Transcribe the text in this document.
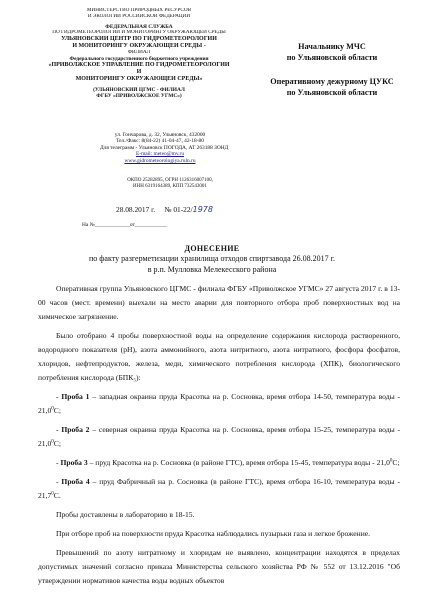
МИНИСТЕРСТВО ПРИРОДНЫХ РЕСУРСОВ
И ЭКОЛОГИИ РОССИЙСКОЙ ФЕДЕРАЦИИ
ФЕДЕРАЛЬНАЯ СЛУЖБА
ПО ГИДРОМЕТЕОРОЛОГИИ И МОНИТОРИНГУ ОКРУЖАЮЩЕЙ СРЕДЫ
УЛЬЯНОВСКИЙ ЦЕНТР ПО ГИДРОМЕТЕОРОЛОГИИ
И МОНИТОРИНГУ ОКРУЖАЮЩЕЙ СРЕДЫ -
ФИЛИАЛ
Федерального государственного бюджетного учреждения
«ПРИВОЛЖСКОЕ УПРАВЛЕНИЕ ПО ГИДРОМЕТЕОРОЛОГИИ
И
МОНИТОРИНГУ ОКРУЖАЮЩЕЙ СРЕДЫ»
(УЛЬЯНОВСКИЙ ЦГМС - ФИЛИАЛ
ФГБУ «ПРИВОЛЖСКОЕ УГМС»)
ул. Гончарова, д. 32, Ульяновск, 432000
Тел./Факс: 8(84-22) 41-04-47, 42-18-80
Для телеграмм - Ульяновск ПОГОДА, АТ 263188 ЗОНД
E-mail: meteo@mv.ru
www.gidrometeorologiya.ruln.ru
ОКПО 25282895, ОГРН 1126316007100,
ИНН 6319164389, КПП 732543001
28.08.2017 г. № 01-22/1978
На №_____________от____________
Начальнику МЧС
по Ульяновской области
Оперативному дежурному ЦУКС
по Ульяновской области
ДОНЕСЕНИЕ
по факту разгерметизации хранилища отходов спиртзавода 26.08.2017 г.
в р.п. Мулловка Мелекесского района

Оперативная группа Ульяновского ЦГМС - филиала ФГБУ «Приволжское УГМС» 27 августа 2017 г. в 13-00 часов (мест. времени) выехали на место аварии для повторного отбора проб поверхностных вод на химическое загрязнение.

Было отобрано 4 пробы поверхностной воды на определение содержания кислорода растворенного, водородного показателя (pH), азота аммонийного, азота нитритного, азота нитратного, фосфора фосфатов, хлоридов, нефтепродуктов, железа, меди, химического потребления кислорода (ХПК), биологического потребления кислорода (БПК₅):

- Проба 1 – западная окраина пруда Красотка на р. Сосновка, время отбора 14-50, температура воды - 21,0$^0$С;

- Проба 2 – северная окраина пруда Красотка на р. Сосновка, время отбора 15-25, температура воды - 21,0$^0$С;

- Проба 3 – пруд Красотка на р. Сосновка (в районе ГТС), время отбора 15-45, температура воды - 21,0$^0$С;

- Проба 4 – пруд Фабричный на р. Сосновка (в районе ГТС), время отбора 16-10, температура воды - 21,7$^0$С.

Пробы доставлены в лабораторию в 18-15.

При отборе проб на поверхности пруда Красотка наблюдались пузырьки газа и легкое брожение.

Превышений по азоту нитратному и хлоридам не выявлено, концентрации находятся в пределах допустимых значений согласно приказа Министерства сельского хозяйства РФ № 552 от 13.12.2016 "Об утверждении нормативов качества воды водных объектов
